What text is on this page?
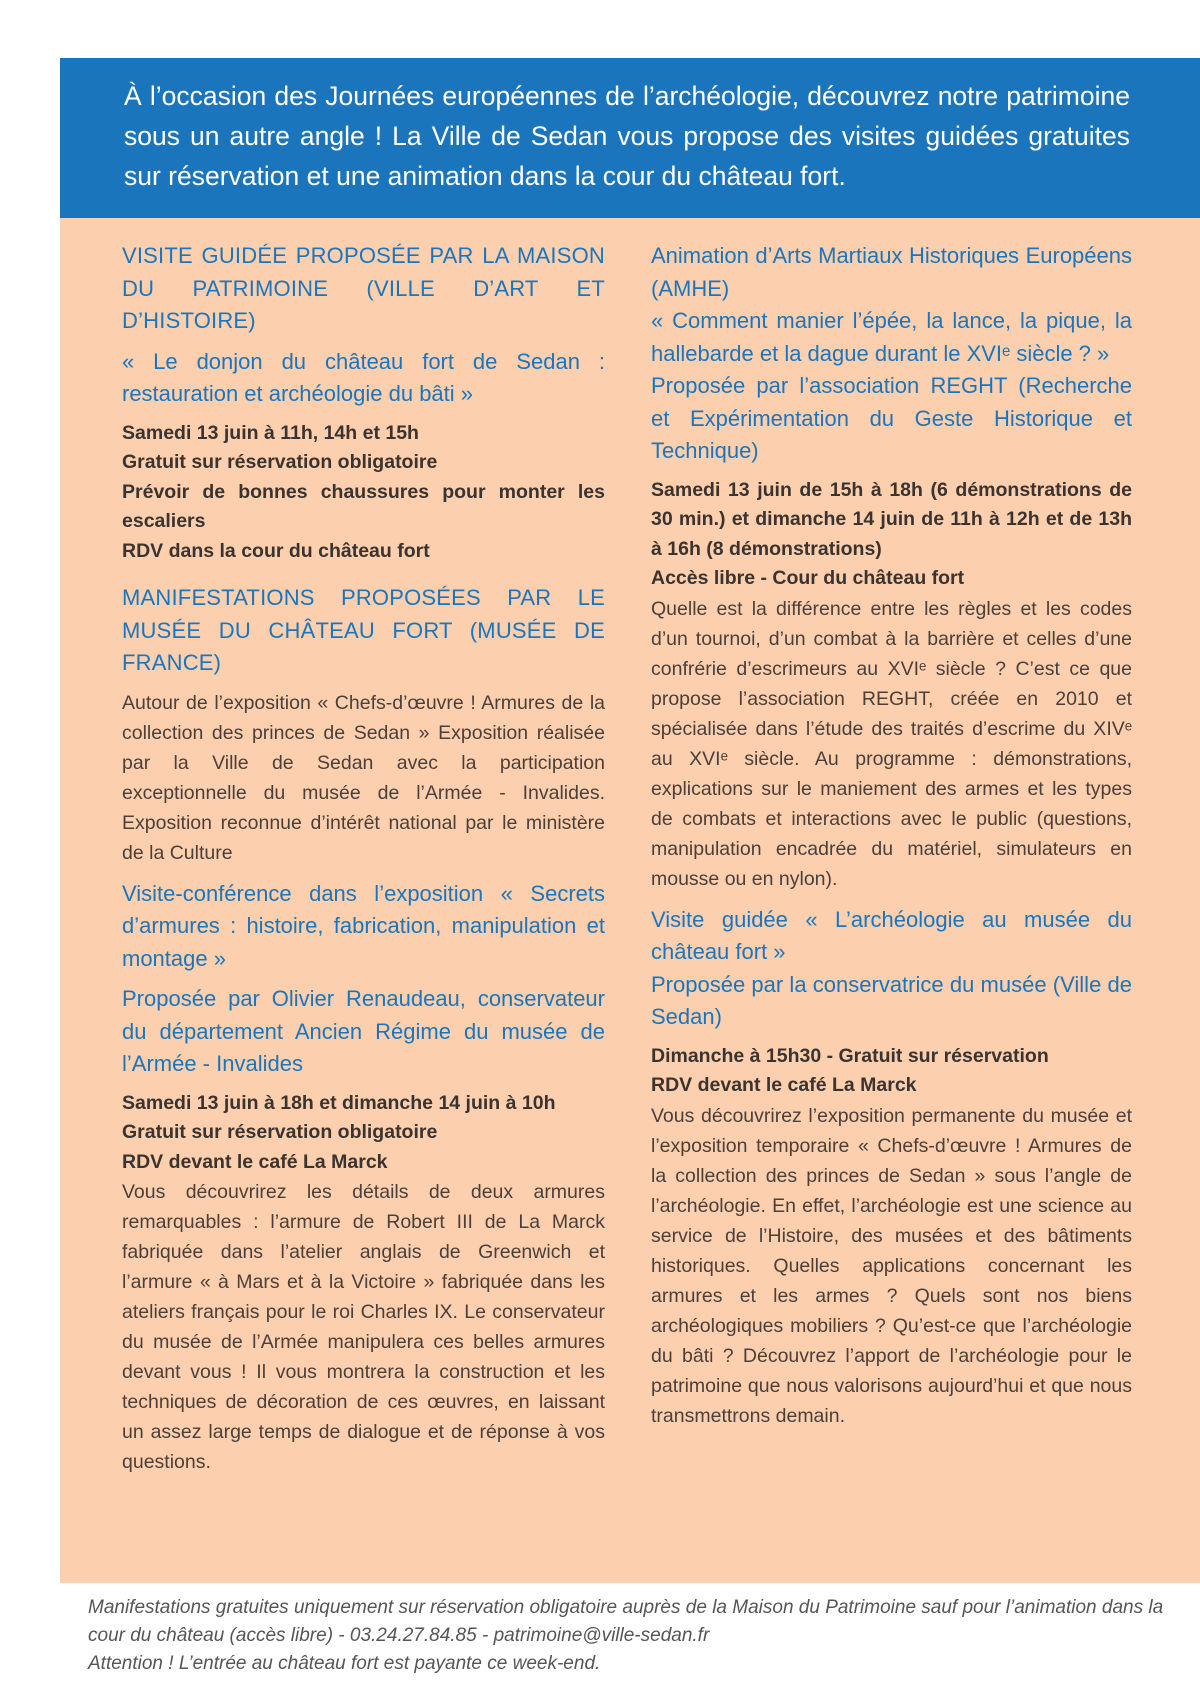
À l’occasion des Journées européennes de l’archéologie, découvrez notre patrimoine sous un autre angle ! La Ville de Sedan vous propose des visites guidées gratuites sur réservation et une animation dans la cour du château fort.

VISITE GUIDÉE PROPOSÉE PAR LA MAISON DU PATRIMOINE (VILLE D’ART ET D’HISTOIRE)

« Le donjon du château fort de Sedan : restauration et archéologie du bâti »

Samedi 13 juin à 11h, 14h et 15h

Gratuit sur réservation obligatoire

Prévoir de bonnes chaussures pour monter les escaliers

RDV dans la cour du château fort

MANIFESTATIONS PROPOSÉES PAR LE MUSÉE DU CHÂTEAU FORT (MUSÉE DE FRANCE)

Autour de l’exposition « Chefs-d’œuvre ! Armures de la collection des princes de Sedan » Exposition réalisée par la Ville de Sedan avec la participation exceptionnelle du musée de l’Armée - Invalides. Exposition reconnue d’intérêt national par le ministère de la Culture

Visite-conférence dans l’exposition « Secrets d’armures : histoire, fabrication, manipulation et montage »

Proposée par Olivier Renaudeau, conservateur du département Ancien Régime du musée de l’Armée - Invalides

Samedi 13 juin à 18h et dimanche 14 juin à 10h

Gratuit sur réservation obligatoire

RDV devant le café La Marck

Vous découvrirez les détails de deux armures remarquables : l’armure de Robert III de La Marck fabriquée dans l’atelier anglais de Greenwich et l’armure « à Mars et à la Victoire » fabriquée dans les ateliers français pour le roi Charles IX. Le conservateur du musée de l’Armée manipulera ces belles armures devant vous ! Il vous montrera la construction et les techniques de décoration de ces œuvres, en laissant un assez large temps de dialogue et de réponse à vos questions.

Animation d’Arts Martiaux Historiques Européens (AMHE)

« Comment manier l’épée, la lance, la pique, la hallebarde et la dague durant le XVIᵉ siècle ? »

Proposée par l’association REGHT (Recherche et Expérimentation du Geste Historique et Technique)

Samedi 13 juin de 15h à 18h (6 démonstrations de 30 min.) et dimanche 14 juin de 11h à 12h et de 13h à 16h (8 démonstrations)

Accès libre - Cour du château fort

Quelle est la différence entre les règles et les codes d’un tournoi, d’un combat à la barrière et celles d’une confrérie d’escrimeurs au XVIᵉ siècle ? C’est ce que propose l’association REGHT, créée en 2010 et spécialisée dans l’étude des traités d’escrime du XIVᵉ au XVIᵉ siècle. Au programme : démonstrations, explications sur le maniement des armes et les types de combats et interactions avec le public (questions, manipulation encadrée du matériel, simulateurs en mousse ou en nylon).

Visite guidée « L’archéologie au musée du château fort »

Proposée par la conservatrice du musée (Ville de Sedan)

Dimanche à 15h30 - Gratuit sur réservation

RDV devant le café La Marck

Vous découvrirez l’exposition permanente du musée et l’exposition temporaire « Chefs-d’œuvre ! Armures de la collection des princes de Sedan » sous l’angle de l’archéologie. En effet, l’archéologie est une science au service de l’Histoire, des musées et des bâtiments historiques. Quelles applications concernant les armures et les armes ? Quels sont nos biens archéologiques mobiliers ? Qu’est-ce que l’archéologie du bâti ? Découvrez l’apport de l’archéologie pour le patrimoine que nous valorisons aujourd’hui et que nous transmettrons demain.

Manifestations gratuites uniquement sur réservation obligatoire auprès de la Maison du Patrimoine sauf pour l’animation dans la cour du château (accès libre) - 03.24.27.84.85 - patrimoine@ville-sedan.fr

Attention ! L’entrée au château fort est payante ce week-end.
